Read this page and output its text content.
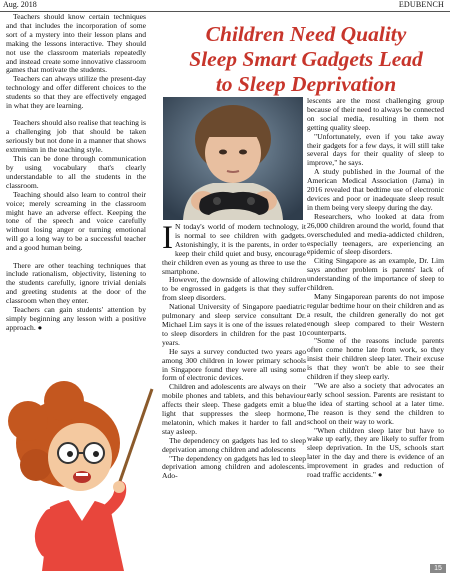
Aug. 2018	EDUBENCH

Teachers should know certain techniques and that includes the incorporation of some sort of a mystery into their lesson plans and making the lessons interactive. They should not use the classroom materials repeatedly and instead create some innovative classroom games that motivate the students.

Teachers can always utilize the present-day technology and offer different choices to the students so that they are effectively engaged in what they are learning.

Teachers should also realise that teaching is a challenging job that should be taken seriously but not done in a manner that shows extremism in the teaching style.

This can be done through communication by using vocabulary that's clearly understandable to all the students in the classroom.

Teaching should also learn to control their voice; merely screaming in the classroom might have an adverse effect. Keeping the tone of the speech and voice carefully without losing anger or turning emotional will go a long way to be a successful teacher and a good human being.

There are other teaching techniques that include rationalism, objectivity, listening to the students carefully, ignore trivial denials and greeting students at the door of the classroom when they enter.

Teachers can gain students' attention by simply beginning any lesson with a positive approach. ●

Children Need Quality
Sleep Smart Gadgets Lead
to Sleep Deprivation

I N today's world of modern technology, it is normal to see children with gadgets. Astonishingly, it is the parents, in order to keep their child quiet and busy, encourage their children even as young as three to use the smartphone.

However, the downside of allowing children to be engrossed in gadgets is that they suffer from sleep disorders.

National University of Singapore paediatric pulmonary and sleep service consultant Dr. Michael Lim says it is one of the issues related to sleep disorders in children for the past 10 years.

He says a survey conducted two years ago among 300 children in lower primary schools in Singapore found they were all using some form of electronic devices.

Children and adolescents are always on their mobile phones and tablets, and this behaviour affects their sleep. These gadgets emit a blue light that suppresses the sleep hormone, melatonin, which makes it harder to fall and stay asleep.

The dependency on gadgets has led to sleep deprivation among children and adolescents

"The dependency on gadgets has led to sleep deprivation among children and adolescents. Ado-

lescents are the most challenging group because of their need to always be connected on social media, resulting in them not getting quality sleep.

"Unfortunately, even if you take away their gadgets for a few days, it will still take several days for their quality of sleep to improve," he says.

A study published in the Journal of the American Medical Association (Jama) in 2016 revealed that bedtime use of electronic devices and poor or inadequate sleep result in them being very sleepy during the day.

Researchers, who looked at data from 26,000 children around the world, found that overscheduled and media-addicted children, especially teenagers, are experiencing an epidemic of sleep disorders.

Citing Singapore as an example, Dr. Lim says another problem is parents' lack of understanding of the importance of sleep to children.

Many Singaporean parents do not impose regular bedtime hour on their children and as a result, the children generally do not get enough sleep compared to their Western counterparts.

"Some of the reasons include parents often come home late from work, so they insist their children sleep later. Their excuse is that they won't be able to see their children if they sleep early.

"We are also a society that advocates an early school session. Parents are resistant to the idea of starting school at a later time. The reason is they send the children to school on their way to work.

"When children sleep later but have to wake up early, they are likely to suffer from sleep deprivation. In the US, schools start later in the day and there is evidence of an improvement in grades and reduction of road traffic accidents." ●

15
